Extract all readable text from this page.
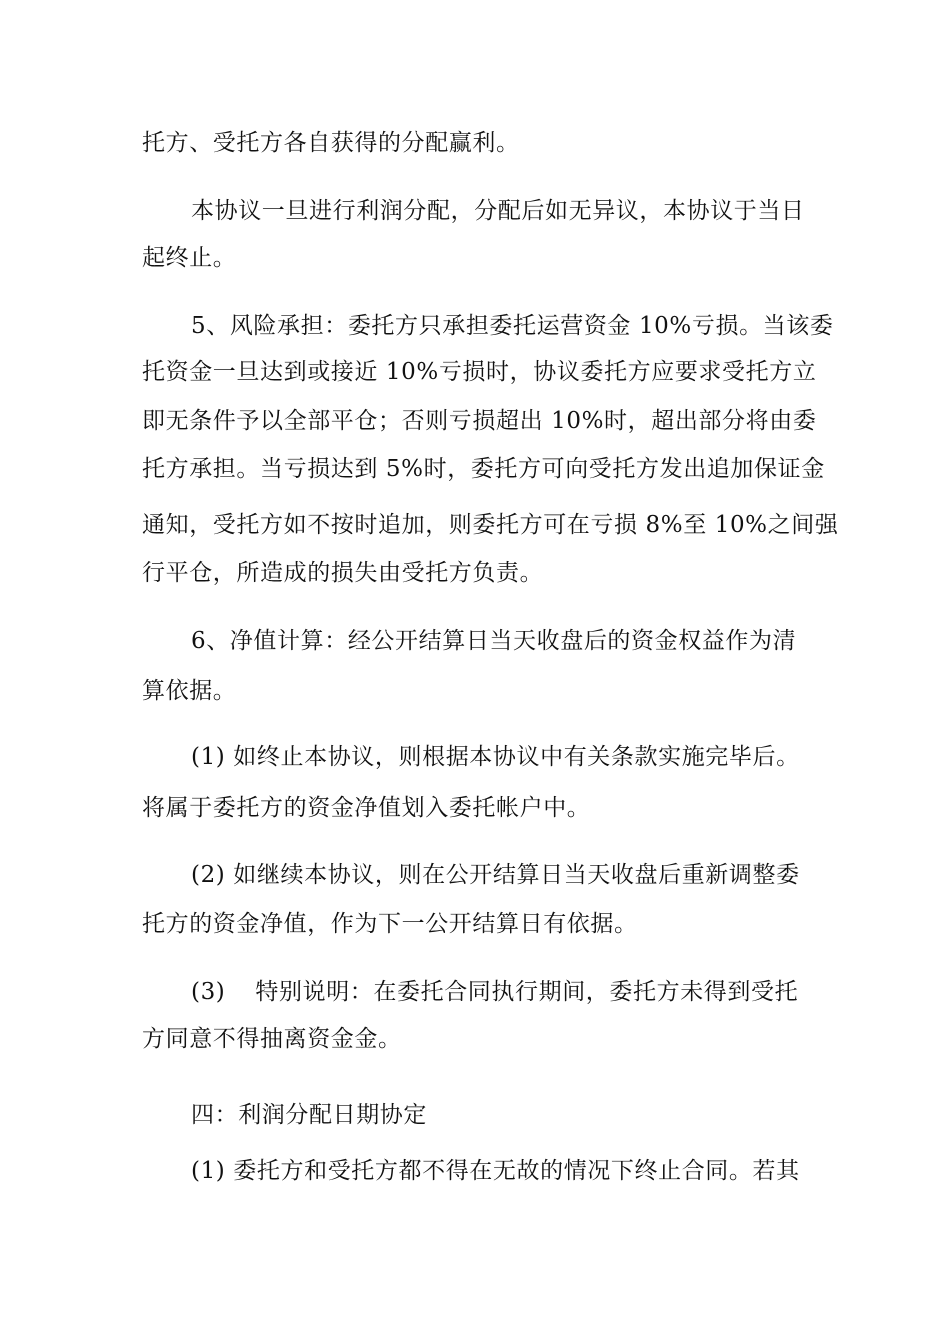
托方、受托方各自获得的分配赢利。
本协议一旦进行利润分配，分配后如无异议，本协议于当日
起终止。
5、风险承担：委托方只承担委托运营资金 10%亏损。当该委
托资金一旦达到或接近 10%亏损时，协议委托方应要求受托方立
即无条件予以全部平仓；否则亏损超出 10%时，超出部分将由委
托方承担。当亏损达到 5%时，委托方可向受托方发出追加保证金
通知，受托方如不按时追加，则委托方可在亏损 8%至 10%之间强
行平仓，所造成的损失由受托方负责。
6、净值计算：经公开结算日当天收盘后的资金权益作为清
算依据。
(1) 如终止本协议，则根据本协议中有关条款实施完毕后。
将属于委托方的资金净值划入委托帐户中。
(2) 如继续本协议，则在公开结算日当天收盘后重新调整委
托方的资金净值，作为下一公开结算日有依据。
(3) 特别说明：在委托合同执行期间，委托方未得到受托
方同意不得抽离资金金。
四：利润分配日期协定
(1) 委托方和受托方都不得在无故的情况下终止合同。若其
